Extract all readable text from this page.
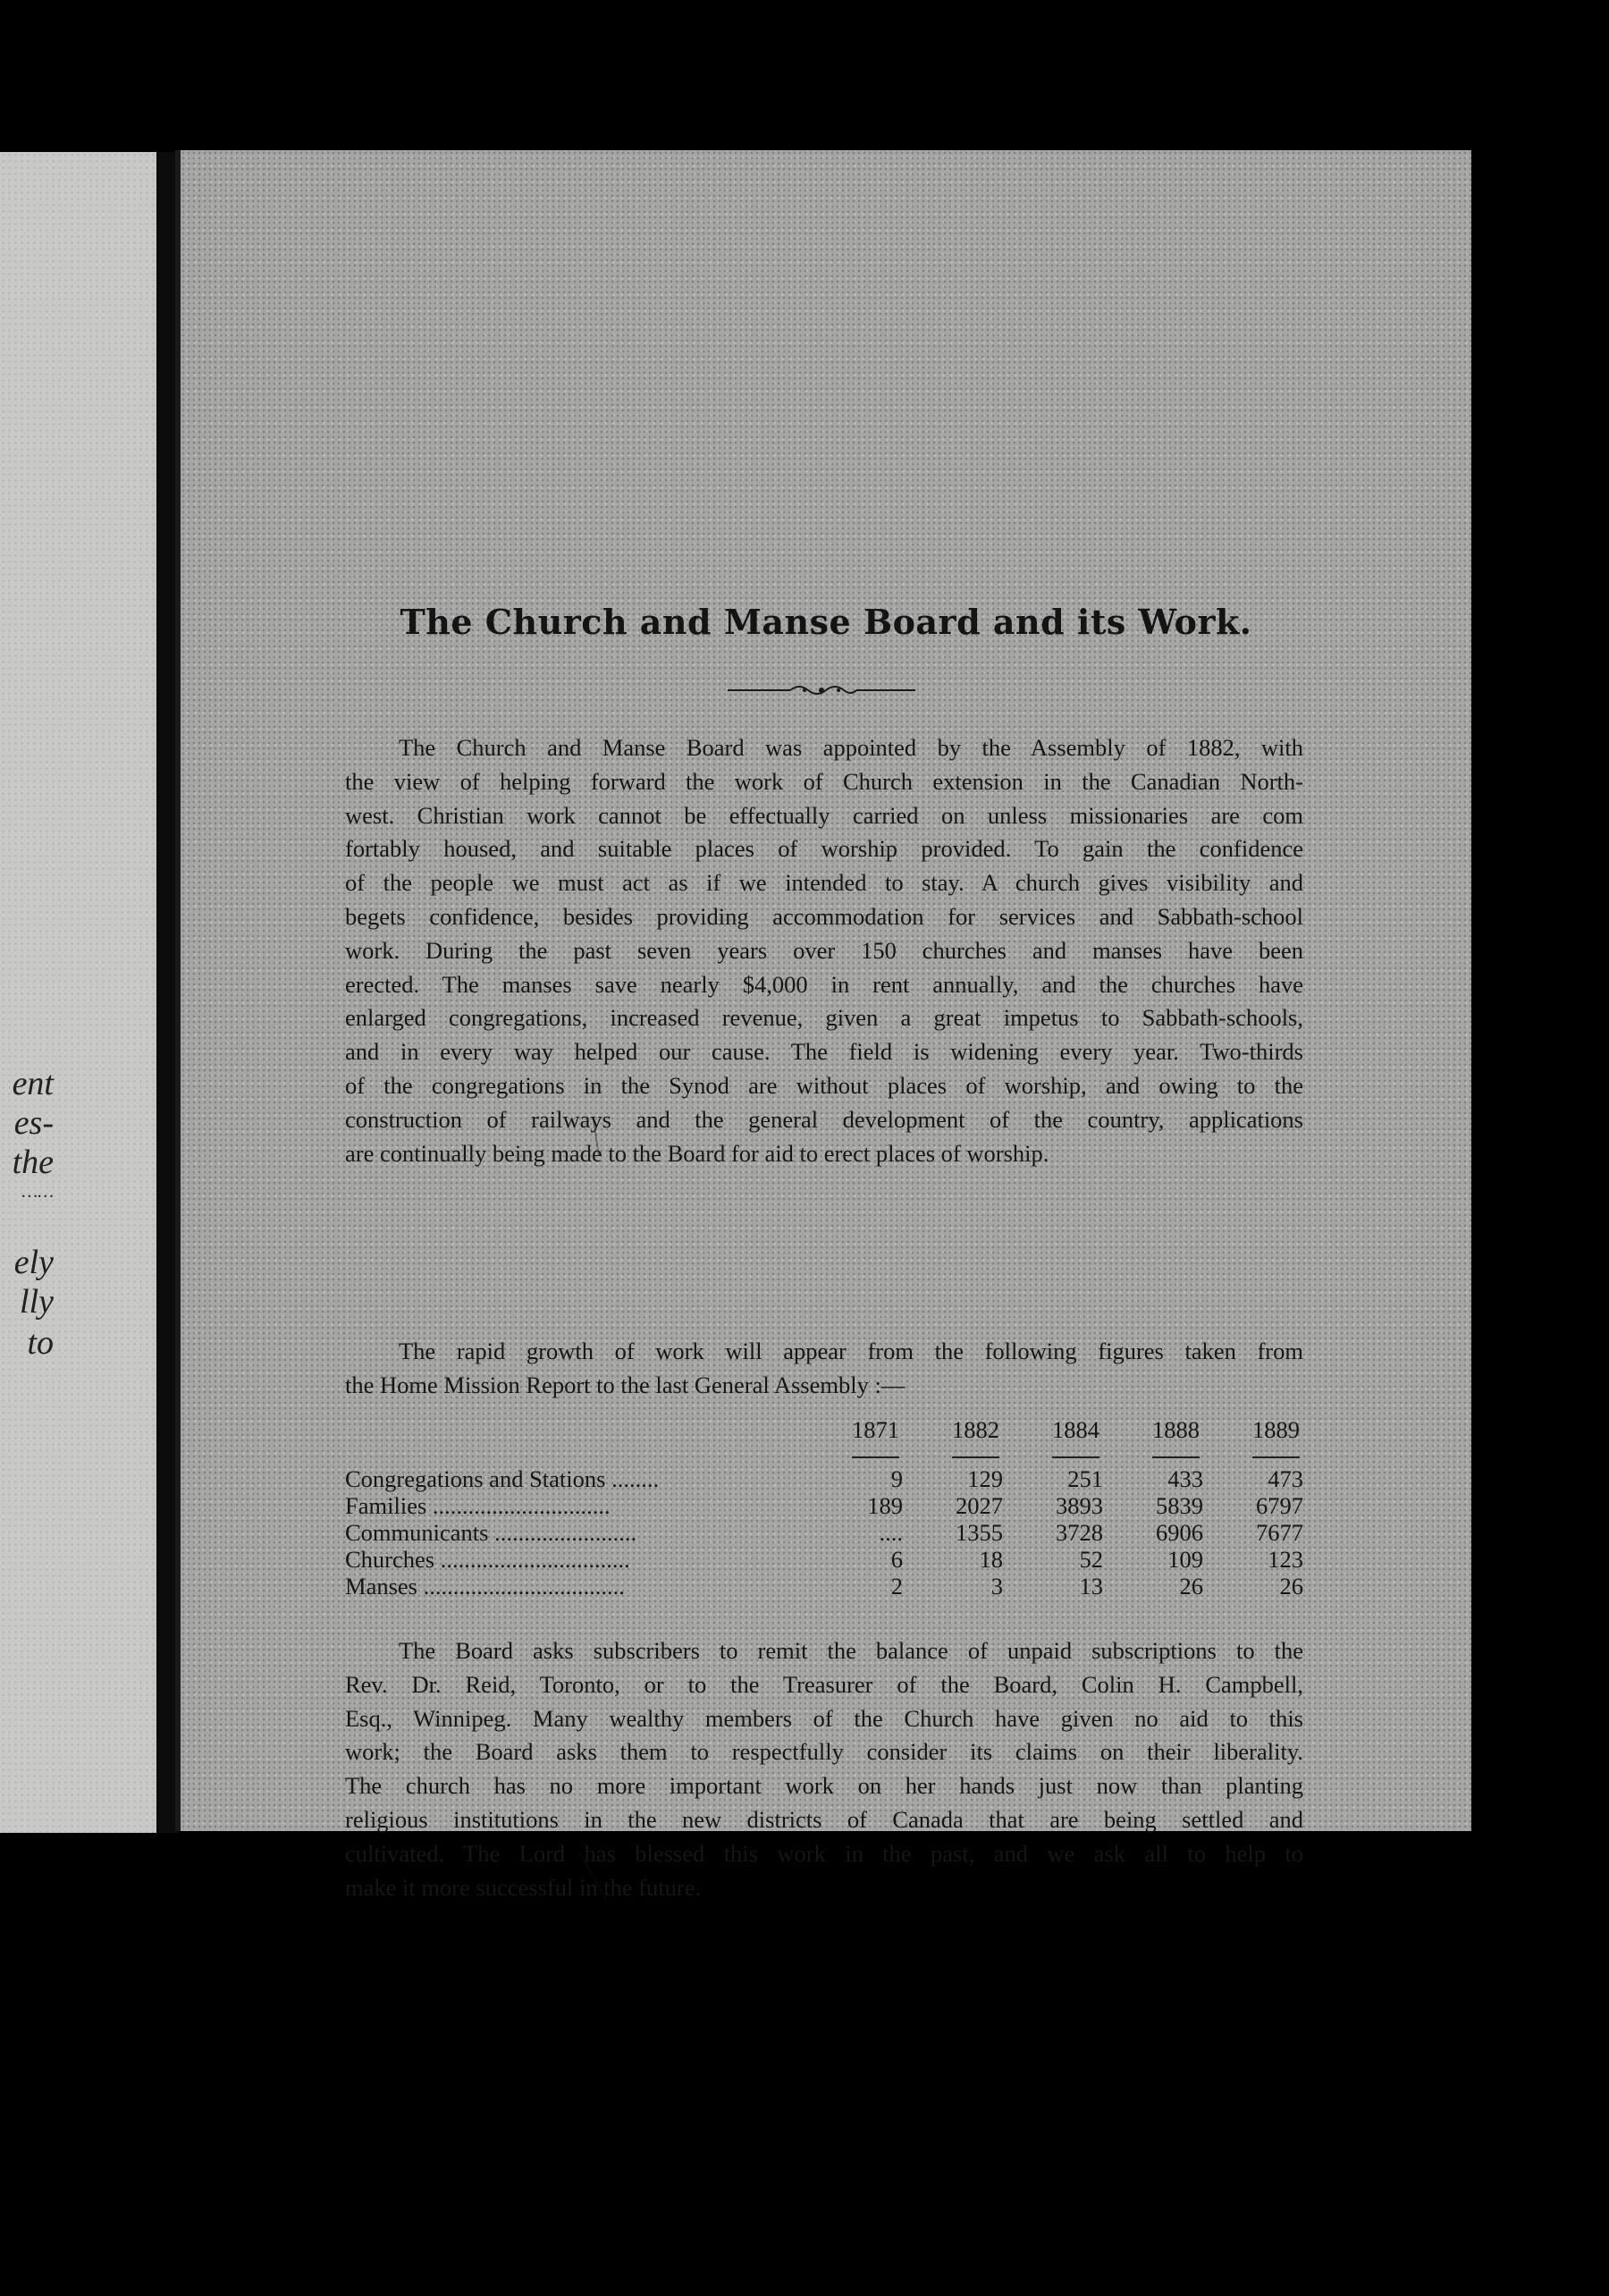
ent
es-
the
……
ely
lly
to
The Church and Manse Board and its Work.
The Church and Manse Board was appointed by the Assembly of 1882, with
the view of helping forward the work of Church extension in the Canadian North-
west. Christian work cannot be effectually carried on unless missionaries are com
fortably housed, and suitable places of worship provided. To gain the confidence
of the people we must act as if we intended to stay. A church gives visibility and
begets confidence, besides providing accommodation for services and Sabbath-school
work. During the past seven years over 150 churches and manses have been
erected. The manses save nearly $4,000 in rent annually, and the churches have
enlarged congregations, increased revenue, given a great impetus to Sabbath-schools,
and in every way helped our cause. The field is widening every year. Two-thirds
of the congregations in the Synod are without places of worship, and owing to the
construction of railways and the general development of the country, applications
are continually being made to the Board for aid to erect places of worship.
The rapid growth of work will appear from the following figures taken from
the Home Mission Report to the last General Assembly :—
	1871	1882	1884	1888	1889
Congregations and Stations ........	9	129	251	433	473
Families ..............................	189	2027	3893	5839	6797
Communicants ........................	....	1355	3728	6906	7677
Churches ................................	6	18	52	109	123
Manses ..................................	2	3	13	26	26
The Board asks subscribers to remit the balance of unpaid subscriptions to the
Rev. Dr. Reid, Toronto, or to the Treasurer of the Board, Colin H. Campbell,
Esq., Winnipeg. Many wealthy members of the Church have given no aid to this
work; the Board asks them to respectfully consider its claims on their liberality.
The church has no more important work on her hands just now than planting
religious institutions in the new districts of Canada that are being settled and
cultivated. The Lord has blessed this work in the past, and we ask all to help to
make it more successful in the future.
